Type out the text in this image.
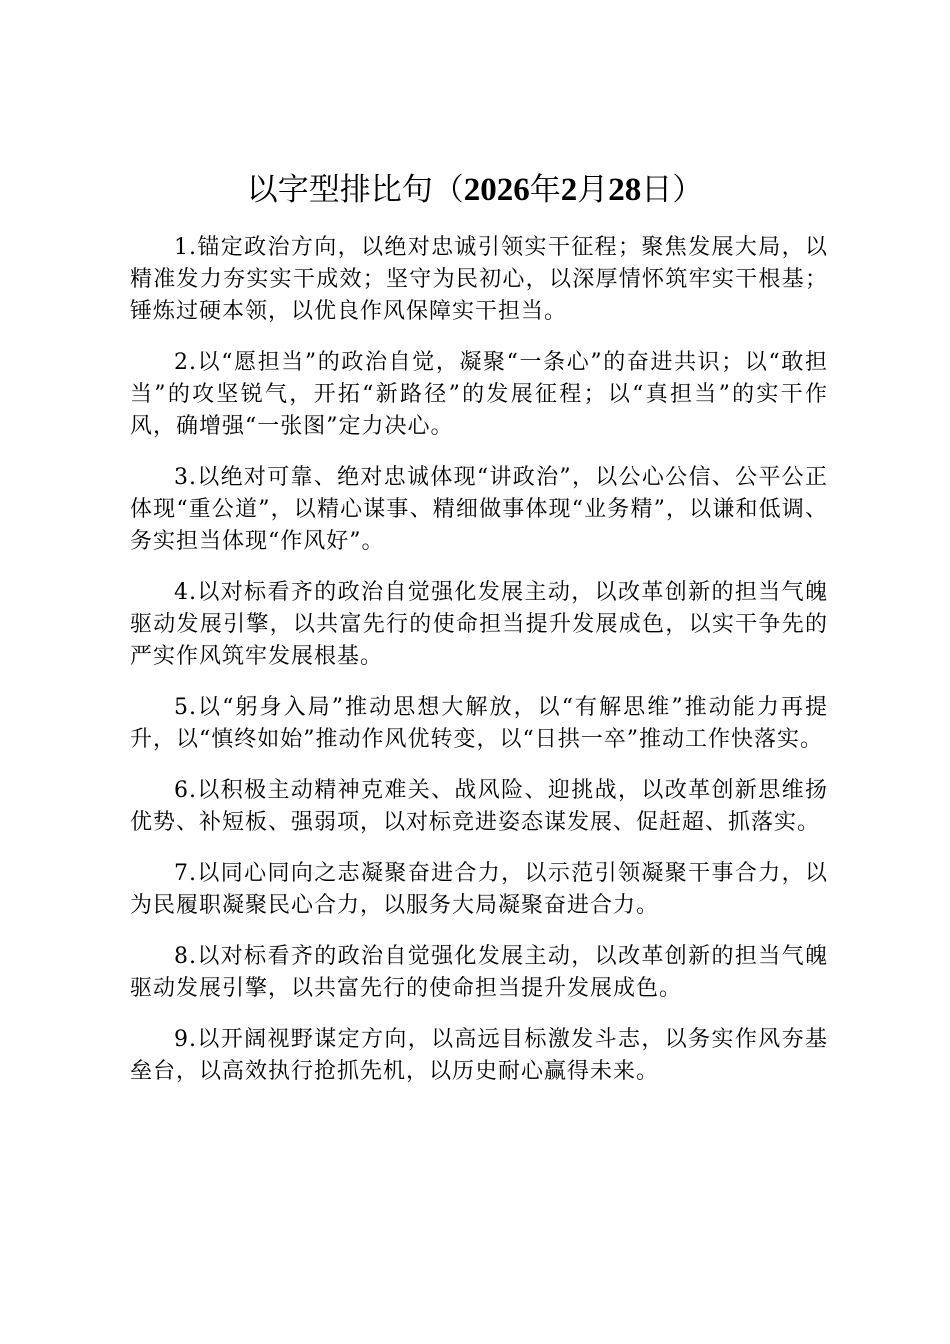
以字型排比句（2026年2月28日）

1.锚定政治方向，以绝对忠诚引领实干征程；聚焦发展大局，以精准发力夯实实干成效；坚守为民初心，以深厚情怀筑牢实干根基；锤炼过硬本领，以优良作风保障实干担当。

2.以“愿担当”的政治自觉，凝聚“一条心”的奋进共识；以“敢担当”的攻坚锐气，开拓“新路径”的发展征程；以“真担当”的实干作风，确增强“一张图”定力决心。

3.以绝对可靠、绝对忠诚体现“讲政治”，以公心公信、公平公正体现“重公道”，以精心谋事、精细做事体现“业务精”，以谦和低调、务实担当体现“作风好”。

4.以对标看齐的政治自觉强化发展主动，以改革创新的担当气魄驱动发展引擎，以共富先行的使命担当提升发展成色，以实干争先的严实作风筑牢发展根基。

5.以“躬身入局”推动思想大解放，以“有解思维”推动能力再提升，以“慎终如始”推动作风优转变，以“日拱一卒”推动工作快落实。

6.以积极主动精神克难关、战风险、迎挑战，以改革创新思维扬优势、补短板、强弱项，以对标竞进姿态谋发展、促赶超、抓落实。

7.以同心同向之志凝聚奋进合力，以示范引领凝聚干事合力，以为民履职凝聚民心合力，以服务大局凝聚奋进合力。

8.以对标看齐的政治自觉强化发展主动，以改革创新的担当气魄驱动发展引擎，以共富先行的使命担当提升发展成色。

9.以开阔视野谋定方向，以高远目标激发斗志，以务实作风夯基垒台，以高效执行抢抓先机，以历史耐心赢得未来。
